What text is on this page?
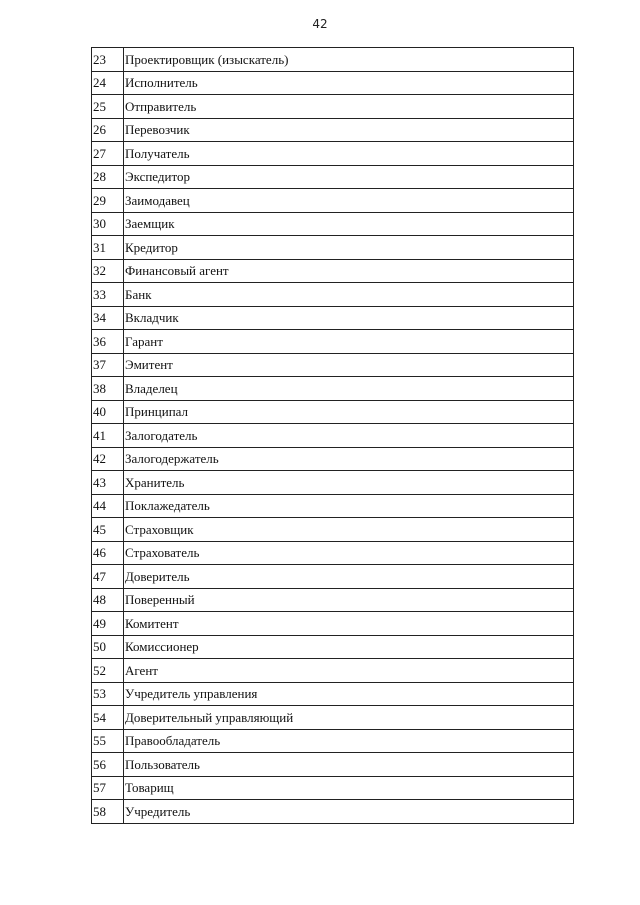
42
23	Проектировщик (изыскатель)
24	Исполнитель
25	Отправитель
26	Перевозчик
27	Получатель
28	Экспедитор
29	Заимодавец
30	Заемщик
31	Кредитор
32	Финансовый агент
33	Банк
34	Вкладчик
36	Гарант
37	Эмитент
38	Владелец
40	Принципал
41	Залогодатель
42	Залогодержатель
43	Хранитель
44	Поклажедатель
45	Страховщик
46	Страхователь
47	Доверитель
48	Поверенный
49	Комитент
50	Комиссионер
52	Агент
53	Учредитель управления
54	Доверительный управляющий
55	Правообладатель
56	Пользователь
57	Товарищ
58	Учредитель
